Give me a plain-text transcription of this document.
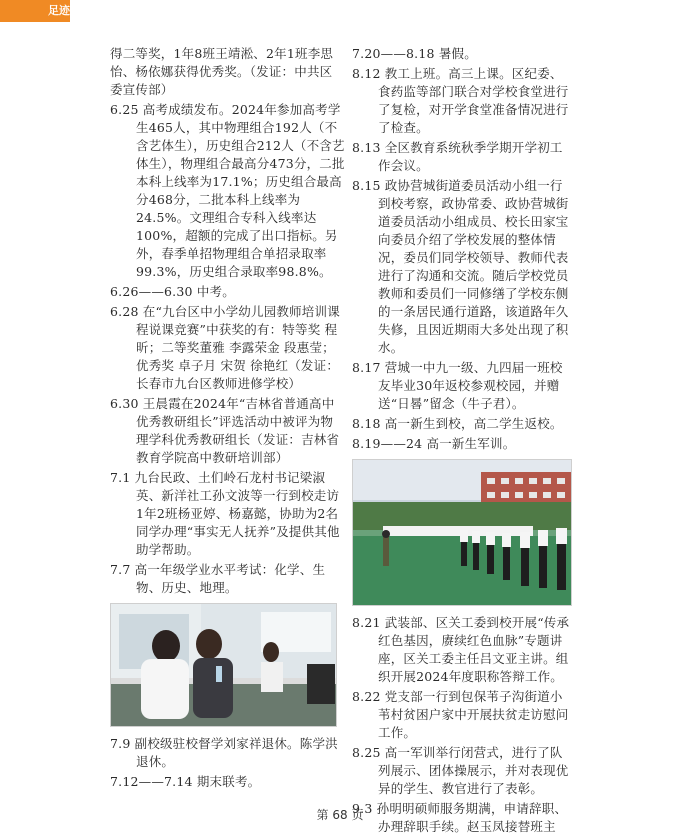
足迹 ZUJI

得二等奖，1年8班王靖淞、2年1班李思怡、杨依娜获得优秀奖。（发证：中共区委宣传部）

6.25 高考成绩发布。2024年参加高考学生465人，其中物理组合192人（不含艺体生），历史组合212人（不含艺体生），物理组合最高分473分，二批本科上线率为17.1%；历史组合最高分468分，二批本科上线率为24.5%。文理组合专科入线率达100%，超额的完成了出口指标。另外，春季单招物理组合单招录取率99.3%，历史组合录取率98.8%。

6.26——6.30 中考。

6.28 在“九台区中小学幼儿园教师培训课程说课竞赛”中获奖的有：特等奖 程昕；二等奖董雅 李露荣金 段惠莹；优秀奖 卓子月 宋贺 徐艳红（发证：长春市九台区教师进修学校）

6.30 王晨霞在2024年“吉林省普通高中优秀教研组长”评选活动中被评为物理学科优秀教研组长（发证：吉林省教育学院高中教研培训部）

7.1 九台民政、土们岭石龙村书记梁淑英、新洋社工孙文波等一行到校走访1年2班杨亚婷、杨嘉懿，协助为2名同学办理“事实无人抚养”及提供其他助学帮助。

7.7 高一年级学业水平考试：化学、生物、历史、地理。

7.9 副校级驻校督学刘家祥退休。陈学洪退休。

7.12——7.14 期末联考。

7.20——8.18 暑假。

8.12 教工上班。高三上课。区纪委、食药监等部门联合对学校食堂进行了复检，对开学食堂准备情况进行了检查。

8.13 全区教育系统秋季学期开学初工作会议。

8.15 政协营城街道委员活动小组一行到校考察，政协常委、政协营城街道委员活动小组成员、校长田家宝向委员介绍了学校发展的整体情况，委员们同学校领导、教师代表进行了沟通和交流。随后学校党员教师和委员们一同修缮了学校东侧的一条居民通行道路，该道路年久失修，且因近期雨大多处出现了积水。

8.17 营城一中九一级、九四届一班校友毕业30年返校参观校园，并赠送“日晷”留念（牛子君）。

8.18 高一新生到校，高二学生返校。

8.19——24 高一新生军训。

8.21 武装部、区关工委到校开展“传承红色基因，赓续红色血脉”专题讲座，区关工委主任吕文亚主讲。组织开展2024年度职称答辩工作。

8.22 党支部一行到包保苇子沟街道小苇村贫困户家中开展扶贫走访慰问工作。

8.25 高一军训举行闭营式，进行了队列展示、团体操展示，并对表现优异的学生、教官进行了表彰。

9.3 孙明明硕师服务期满，申请辞职、办理辞职手续。赵玉凤接替班主

第 68 页
